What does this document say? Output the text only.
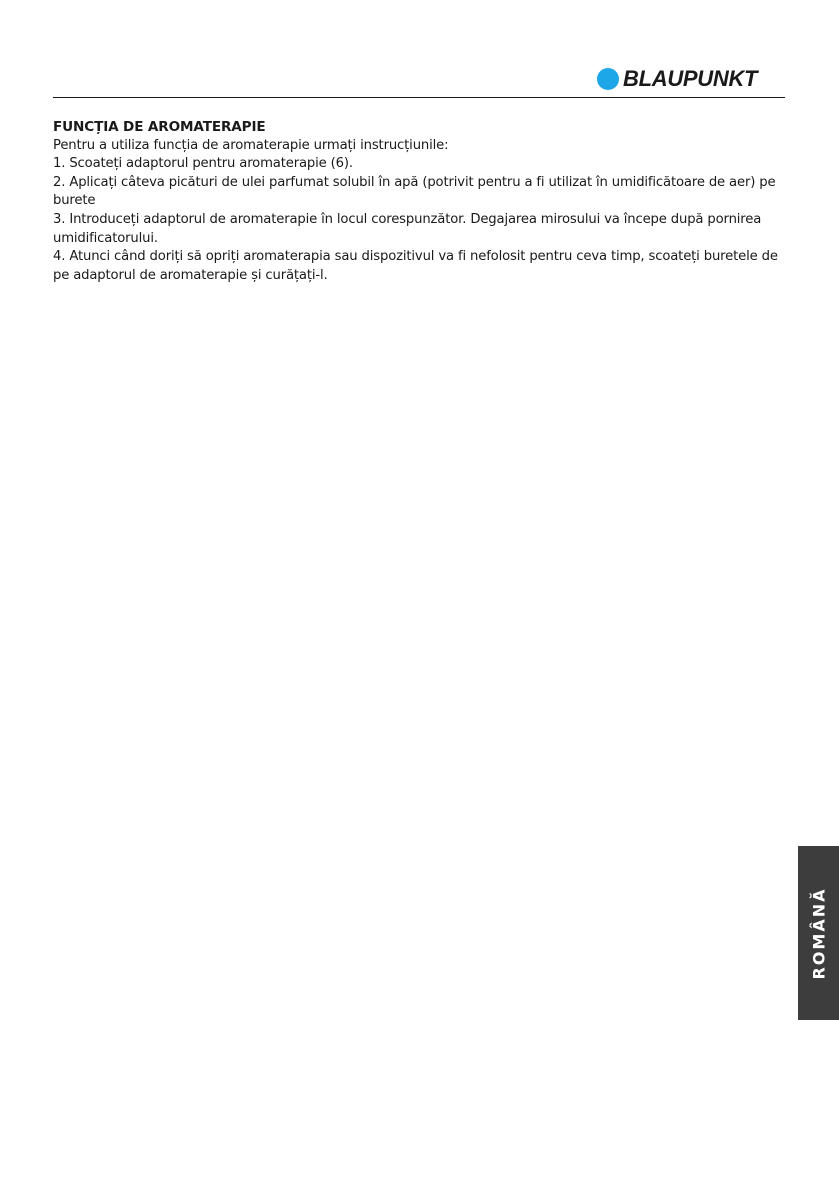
BLAUPUNKT

FUNCȚIA DE AROMATERAPIE

Pentru a utiliza funcția de aromaterapie urmați instrucțiunile:

1. Scoateți adaptorul pentru aromaterapie (6).

2. Aplicați câteva picături de ulei parfumat solubil în apă (potrivit pentru a fi utilizat în umidificătoare de aer) pe burete

3. Introduceți adaptorul de aromaterapie în locul corespunzător. Degajarea mirosului va începe după pornirea umidificatorului.

4. Atunci când doriți să opriți aromaterapia sau dispozitivul va fi nefolosit pentru ceva timp, scoateți buretele de pe adaptorul de aromaterapie și curățați-l.

ROMÂNĂ
